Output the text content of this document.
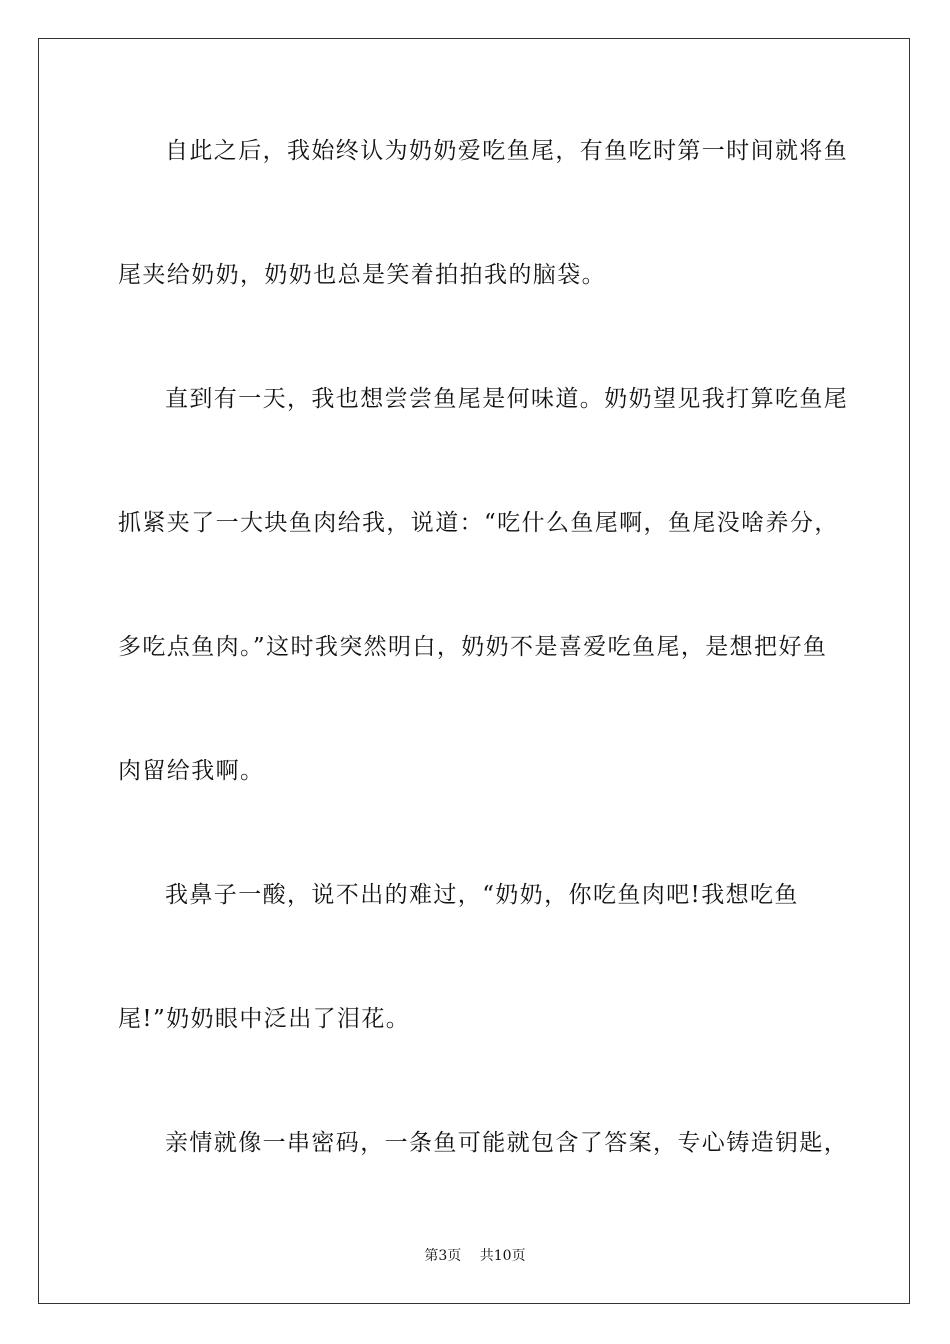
自此之后，我始终认为奶奶爱吃鱼尾，有鱼吃时第一时间就将鱼
尾夹给奶奶，奶奶也总是笑着拍拍我的脑袋。
直到有一天，我也想尝尝鱼尾是何味道。奶奶望见我打算吃鱼尾
抓紧夹了一大块鱼肉给我，说道：“吃什么鱼尾啊，鱼尾没啥养分，
多吃点鱼肉。”这时我突然明白，奶奶不是喜爱吃鱼尾，是想把好鱼
肉留给我啊。
我鼻子一酸，说不出的难过，“奶奶，你吃鱼肉吧!我想吃鱼
尾!”奶奶眼中泛出了泪花。
亲情就像一串密码，一条鱼可能就包含了答案，专心铸造钥匙，
第3页 共10页
